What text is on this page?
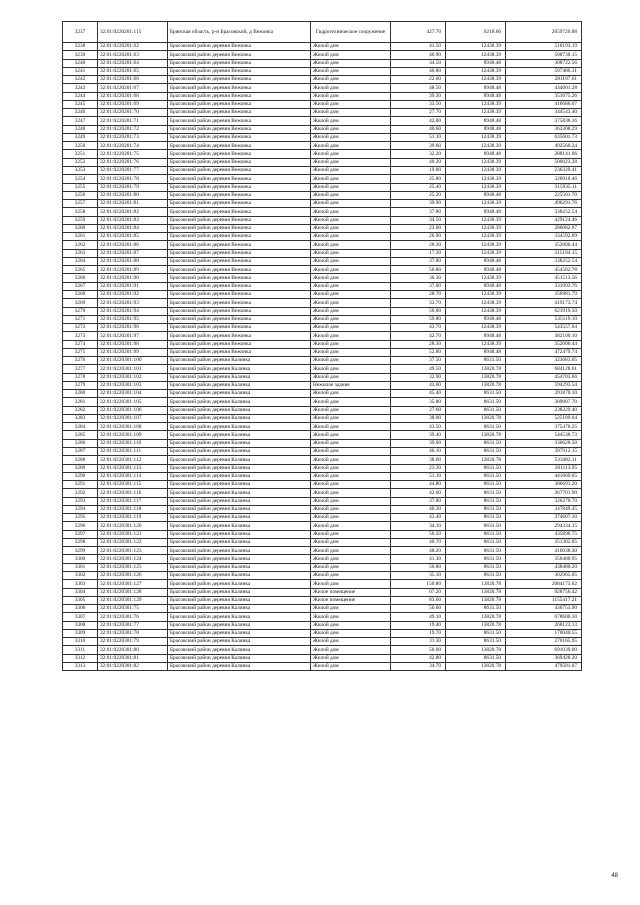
3237	32:01:0220201:115	Брянская область, р-н Брасовский, д Вежонка	Гидротехническое сооружение	427.70	6218.66	2659720.88
3238	32:01:0220201:62	Брасовский район деревня Вежонка	Жилой дом	41.50	12438.39	516193.19
3239	32:01:0220201:63	Брасовский район деревня Вежонка	Жилой дом	40.90	12438.39	508730.15
3240	32:01:0220201:64	Брасовский район деревня Вежонка	Жилой дом	34.50	8948.48	308722.56
3241	32:01:0220201:65	Брасовский район деревня Вежонка	Жилой дом	40.80	12438.39	507486.31
3242	32:01:0220201:66	Брасовский район деревня Вежонка	Жилой дом	22.60	12438.39	281107.61
3243	32:01:0220201:67	Брасовский район деревня Вежонка	Жилой дом	48.50	8948.48	434001.28
3244	32:01:0220201:68	Брасовский район деревня Вежонка	Жилой дом	39.30	8948.48	351675.26
3245	32:01:0220201:69	Брасовский район деревня Вежонка	Жилой дом	33.50	12438.39	416686.07
3246	32:01:0220201:70	Брасовский район деревня Вежонка	Жилой дом	27.70	12438.39	344543.40
3247	32:01:0220201:71	Брасовский район деревня Вежонка	Жилой дом	42.00	8948.48	375836.16
3248	32:01:0220201:72	Брасовский район деревня Вежонка	Жилой дом	40.60	8948.48	363308.29
3249	32:01:0220201:73	Брасовский район деревня Вежонка	Жилой дом	51.10	12438.39	635601.73
3250	32:01:0220201:74	Брасовский район деревня Вежонка	Жилой дом	39.60	12438.39	492560.24
3251	32:01:0220201:75	Брасовский район деревня Вежонка	Жилой дом	32.20	8948.48	288141.06
3252	32:01:0220201:76	Брасовский район деревня Вежонка	Жилой дом	40.20	12438.39	500023.28
3253	32:01:0220201:77	Брасовский район деревня Вежонка	Жилой дом	19.00	12438.39	236329.41
3254	32:01:0220201:78	Брасовский район деревня Вежонка	Жилой дом	25.80	12438.39	320910.46
3255	32:01:0220201:79	Брасовский район деревня Вежонка	Жилой дом	25.40	12438.39	315935.11
3256	32:01:0220201:80	Брасовский район деревня Вежонка	Жилой дом	25.20	8948.48	225501.70
3257	32:01:0220201:81	Брасовский район деревня Вежонка	Жилой дом	39.90	12438.39	496291.76
3258	32:01:0220201:82	Брасовский район деревня Вежонка	Жилой дом	37.80	8948.48	338252.54
3259	32:01:0220201:83	Брасовский район деревня Вежонка	Жилой дом	34.50	12438.39	429124.46
3260	32:01:0220201:84	Брасовский район деревня Вежонка	Жилой дом	23.00	12438.39	286082.97
3261	32:01:0220201:85	Брасовский район деревня Вежонка	Жилой дом	26.90	12438.39	334592.69
3262	32:01:0220201:86	Брасовский район деревня Вежонка	Жилой дом	28.30	12438.39	352006.44
3263	32:01:0220201:87	Брасовский район деревня Вежонка	Жилой дом	17.30	12438.39	215184.15
3264	32:01:0220201:88	Брасовский район деревня Вежонка	Жилой дом	37.80	8948.48	338252.54
3265	32:01:0220201:89	Брасовский район деревня Вежонка	Жилой дом	50.80	8948.48	454582.78
3266	32:01:0220201:90	Брасовский район деревня Вежонка	Жилой дом	36.30	12438.39	451513.56
3267	32:01:0220201:91	Брасовский район деревня Вежонка	Жилой дом	37.00	8948.48	331093.76
3268	32:01:0220201:92	Брасовский район деревня Вежонка	Жилой дом	28.70	12438.39	356981.79
3269	32:01:0220201:93	Брасовский район деревня Вежонка	Жилой дом	33.70	12438.39	419173.74
3270	32:01:0220201:94	Брасовский район деревня Вежонка	Жилой дом	50.00	12438.39	621919.50
3271	32:01:0220201:95	Брасовский район деревня Вежонка	Жилой дом	59.80	8948.48	535119.10
3272	32:01:0220201:96	Брасовский район деревня Вежонка	Жилой дом	43.70	12438.39	543557.64
3273	32:01:0220201:97	Брасовский район деревня Вежонка	Жилой дом	42.70	8948.48	382100.10
3274	32:01:0220201:98	Брасовский район деревня Вежонка	Жилой дом	28.30	12438.39	352006.44
3275	32:01:0220201:99	Брасовский район деревня Вежонка	Жилой дом	52.80	8948.48	472479.74
3276	32:01:0220301:100	Брасовский район деревня Калинка	Жилой дом	37.50	8631.50	323683.05
3277	32:01:0220301:101	Брасовский район деревня Калинка	Жилой дом	49.50	13820.78	684128.61
3278	32:01:0220301:102	Брасовский район деревня Калинка	Жилой дом	32.90	13820.78	454703.66
3279	32:01:0220301:103	Брасовский район деревня Калинка	Нежилое здание	43.00	13820.78	594293.54
3280	32:01:0220301:104	Брасовский район деревня Калинка	Жилой дом	45.40	8631.50	391870.10
3281	32:01:0220301:105	Брасовский район деревня Калинка	Жилой дом	35.80	8631.50	309007.70
3282	32:01:0220301:106	Брасовский район деревня Калинка	Жилой дом	27.60	8631.50	238229.40
3283	32:01:0220301:107	Брасовский район деревня Калинка	Жилой дом	38.00	13820.78	525189.64
3284	32:01:0220301:108	Брасовский район деревня Калинка	Жилой дом	43.50	8631.50	375470.25
3285	32:01:0220301:109	Брасовский район деревня Калинка	Жилой дом	39.40	13820.78	544538.73
3286	32:01:0220301:110	Брасовский район деревня Калинка	Жилой дом	39.00	8631.50	336628.50
3287	32:01:0220301:111	Брасовский район деревня Калинка	Жилой дом	46.10	8631.50	397912.15
3288	32:01:0220301:112	Брасовский район деревня Калинка	Жилой дом	38.60	13820.78	533482.11
3289	32:01:0220301:113	Брасовский район деревня Калинка	Жилой дом	23.30	8631.50	201113.95
3290	32:01:0220301:114	Брасовский район деревня Калинка	Жилой дом	51.10	8631.50	441069.65
3291	32:01:0220301:115	Брасовский район деревня Калинка	Жилой дом	44.80	8631.50	386691.20
3292	32:01:0220301:116	Брасовский район деревня Калинка	Жилой дом	42.60	8631.50	367701.90
3293	32:01:0220301:117	Брасовский район деревня Калинка	Жилой дом	37.80	8631.50	326270.70
3294	32:01:0220301:118	Брасовский район деревня Калинка	Жилой дом	40.30	8631.50	347849.45
3295	32:01:0220301:119	Брасовский район деревня Калинка	Жилой дом	43.40	8631.50	374607.10
3296	32:01:0220301:120	Брасовский район деревня Калинка	Жилой дом	34.10	8631.50	294334.15
3297	32:01:0220301:121	Брасовский район деревня Калинка	Жилой дом	50.50	8631.50	435890.75
3298	32:01:0220301:122	Брасовский район деревня Калинка	Жилой дом	40.70	8631.50	351302.05
3299	32:01:0220301:123	Брасовский район деревня Калинка	Жилой дом	48.20	8631.50	416038.30
3300	32:01:0220301:124	Брасовский район деревня Калинка	Жилой дом	41.30	8631.50	356480.95
3301	32:01:0220301:125	Брасовский район деревня Калинка	Жилой дом	50.80	8631.50	438480.20
3302	32:01:0220301:126	Брасовский район деревня Калинка	Жилой дом	35.10	8631.50	302965.65
3303	32:01:0220301:127	Брасовский район деревня Калинка	Жилой дом	150.80	13820.78	2084173.62
3304	32:01:0220301:128	Брасовский район деревня Калинка	Жилое помещение	67.20	13820.78	928756.42
3305	32:01:0220301:129	Брасовский район деревня Калинка	Жилое помещение	83.60	13820.78	1155417.21
3306	32:01:0220301:75	Брасовский район деревня Калинка	Жилой дом	50.60	8631.50	436753.90
3307	32:01:0220301:76	Брасовский район деревня Калинка	Жилой дом	49.10	13820.78	678600.30
3308	32:01:0220301:77	Брасовский район деревня Калинка	Жилой дом	19.40	13820.78	268123.13
3309	32:01:0220301:78	Брасовский район деревня Калинка	Жилой дом	19.70	8631.50	170040.55
3310	32:01:0220301:79	Брасовский район деревня Калинка	Жилой дом	31.30	8631.50	270165.95
3311	32:01:0220301:80	Брасовский район деревня Калинка	Жилой дом	50.00	13820.78	691039.00
3312	32:01:0220301:81	Брасовский район деревня Калинка	Жилой дом	42.80	8631.50	369428.20
3313	32:01:0220301:82	Брасовский район деревня Калинка	Жилой дом	34.70	13820.78	479581.07
48
